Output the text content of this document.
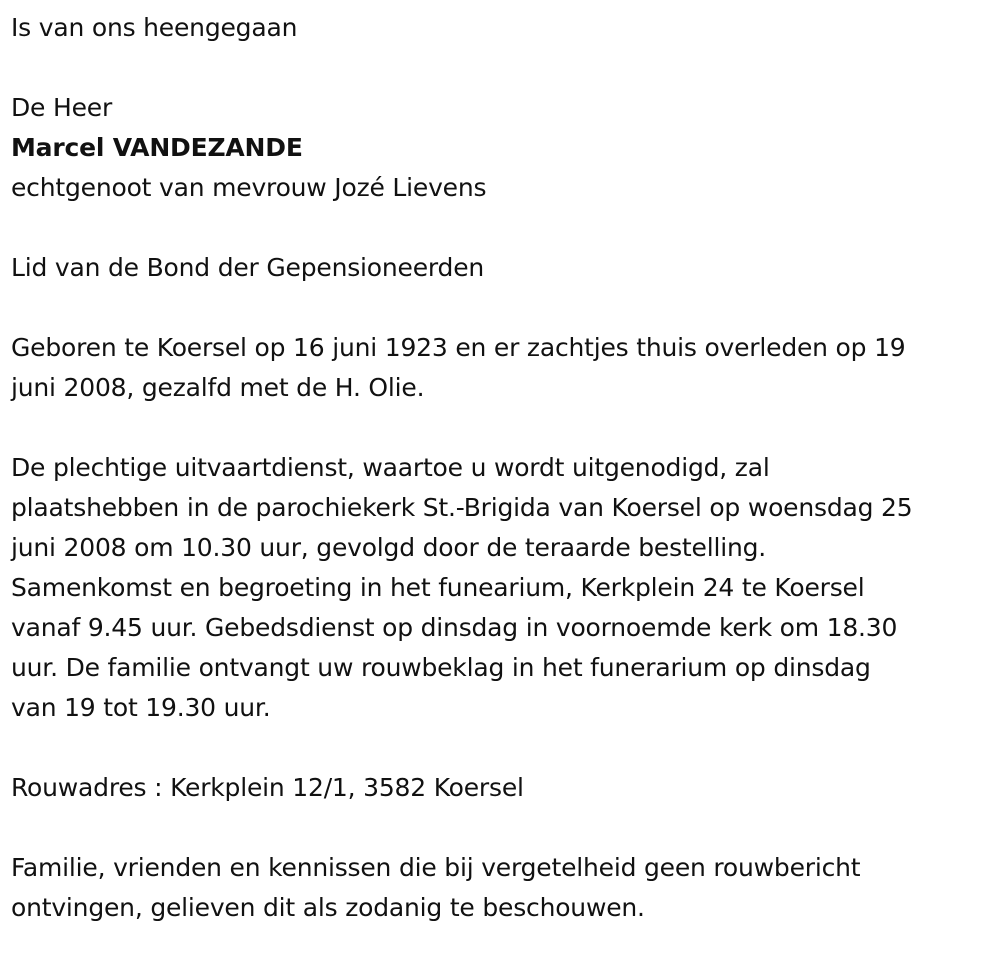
Is van ons heengegaan

De Heer

Marcel VANDEZANDE

echtgenoot van mevrouw Jozé Lievens

Lid van de Bond der Gepensioneerden

Geboren te Koersel op 16 juni 1923 en er zachtjes thuis overleden op 19

juni 2008, gezalfd met de H. Olie.

De plechtige uitvaartdienst, waartoe u wordt uitgenodigd, zal

plaatshebben in de parochiekerk St.-Brigida van Koersel op woensdag 25

juni 2008 om 10.30 uur, gevolgd door de teraarde bestelling.

Samenkomst en begroeting in het funearium, Kerkplein 24 te Koersel

vanaf 9.45 uur. Gebedsdienst op dinsdag in voornoemde kerk om 18.30

uur. De familie ontvangt uw rouwbeklag in het funerarium op dinsdag

van 19 tot 19.30 uur.

Rouwadres : Kerkplein 12/1, 3582 Koersel

Familie, vrienden en kennissen die bij vergetelheid geen rouwbericht

ontvingen, gelieven dit als zodanig te beschouwen.
